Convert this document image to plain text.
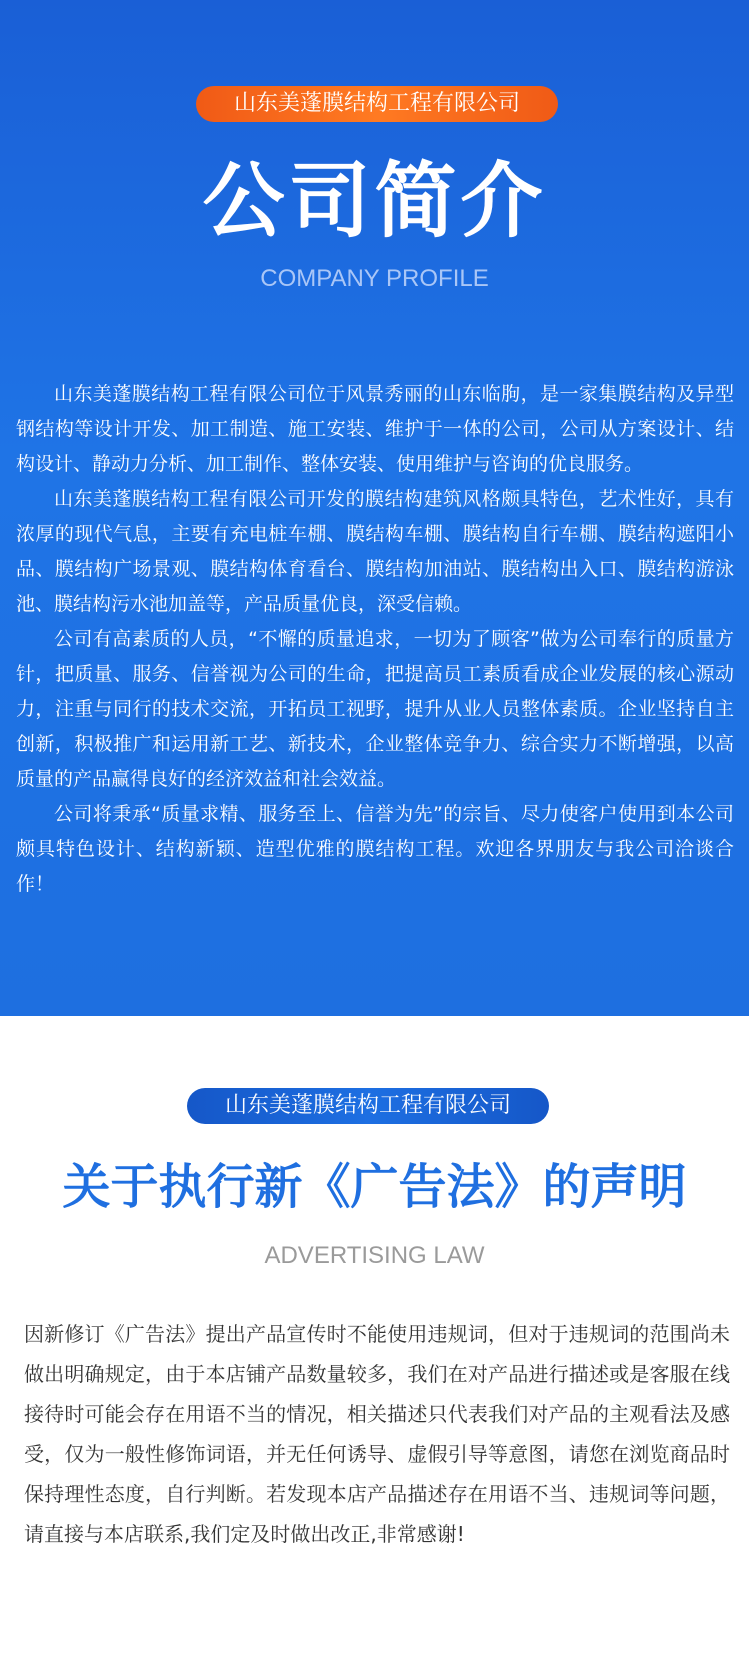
山东美蓬膜结构工程有限公司
公司简介
COMPANY PROFILE

山东美蓬膜结构工程有限公司位于风景秀丽的山东临朐，是一家集膜结构及异型钢结构等设计开发、加工制造、施工安装、维护于一体的公司，公司从方案设计、结构设计、静动力分析、加工制作、整体安装、使用维护与咨询的优良服务。

山东美蓬膜结构工程有限公司开发的膜结构建筑风格颇具特色，艺术性好，具有浓厚的现代气息，主要有充电桩车棚、膜结构车棚、膜结构自行车棚、膜结构遮阳小品、膜结构广场景观、膜结构体育看台、膜结构加油站、膜结构出入口、膜结构游泳池、膜结构污水池加盖等，产品质量优良，深受信赖。

公司有高素质的人员，“不懈的质量追求，一切为了顾客”做为公司奉行的质量方针，把质量、服务、信誉视为公司的生命，把提高员工素质看成企业发展的核心源动力，注重与同行的技术交流，开拓员工视野，提升从业人员整体素质。企业坚持自主创新，积极推广和运用新工艺、新技术，企业整体竞争力、综合实力不断增强，以高质量的产品赢得良好的经济效益和社会效益。

公司将秉承“质量求精、服务至上、信誉为先”的宗旨、尽力使客户使用到本公司颇具特色设计、结构新颖、造型优雅的膜结构工程。欢迎各界朋友与我公司洽谈合作！

山东美蓬膜结构工程有限公司
关于执行新《广告法》的声明
ADVERTISING LAW

因新修订《广告法》提出产品宣传时不能使用违规词，但对于违规词的范围尚未做出明确规定，由于本店铺产品数量较多，我们在对产品进行描述或是客服在线接待时可能会存在用语不当的情况，相关描述只代表我们对产品的主观看法及感受，仅为一般性修饰词语，并无任何诱导、虚假引导等意图，请您在浏览商品时保持理性态度，自行判断。若发现本店产品描述存在用语不当、违规词等问题，请直接与本店联系,我们定及时做出改正,非常感谢!
